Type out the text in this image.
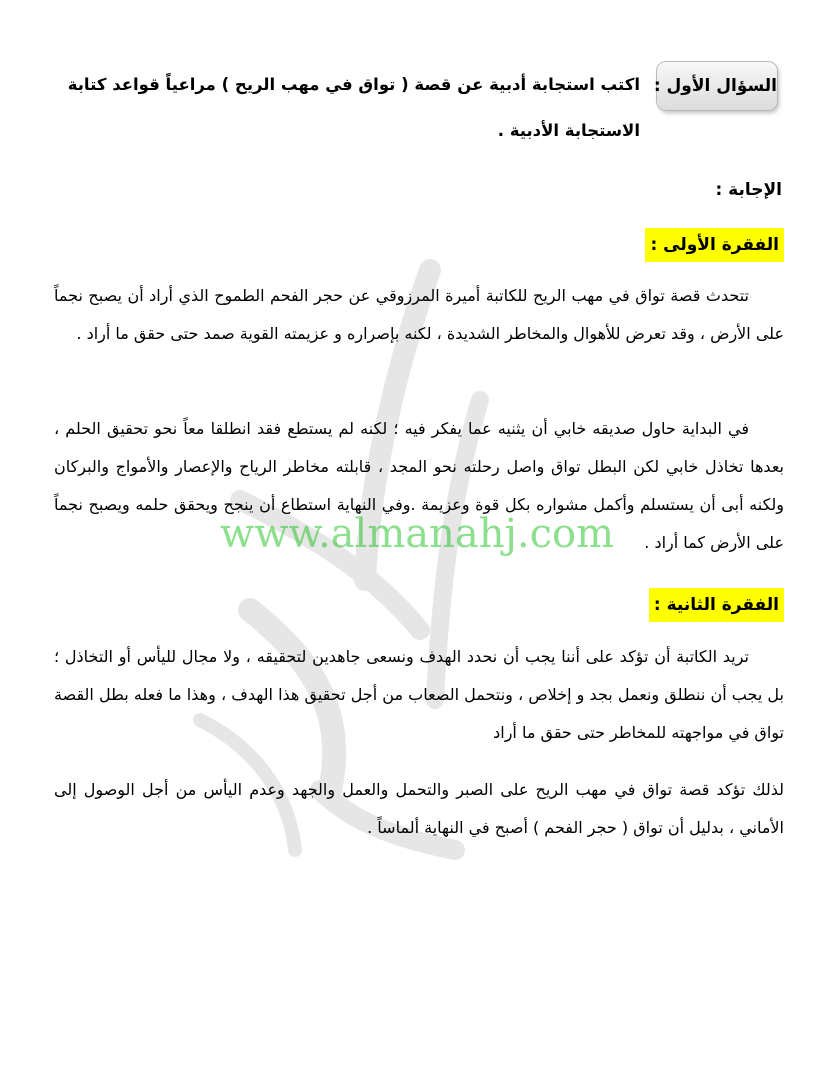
www.almanahj.com
السؤال الأول :
اكتب استجابة أدبية عن قصة ( تواق في مهب الريح ) مراعياً قواعد كتابة الاستجابة الأدبية .
الإجابة :
الفقرة الأولى :
تتحدث قصة تواق في مهب الريح للكاتبة أميرة المرزوقي عن حجر الفحم الطموح الذي أراد أن يصبح نجماً على الأرض ، وقد تعرض للأهوال والمخاطر الشديدة ، لكنه بإصراره و عزيمته القوية صمد حتى حقق ما أراد .
في البداية حاول صديقه خابي أن يثنيه عما يفكر فيه ؛ لكنه لم يستطع فقد انطلقا معاً نحو تحقيق الحلم ، بعدها تخاذل خابي لكن البطل تواق واصل رحلته نحو المجد ، قابلته مخاطر الرياح والإعصار والأمواج والبركان ولكنه أبى أن يستسلم وأكمل مشواره بكل قوة وعزيمة .وفي النهاية استطاع أن ينجح ويحقق حلمه ويصبح نجماً على الأرض كما أراد .
الفقرة الثانية :
تريد الكاتبة أن تؤكد على أننا يجب أن نحدد الهدف ونسعى جاهدين لتحقيقه ، ولا مجال لليأس أو التخاذل ؛ بل يجب أن ننطلق ونعمل بجد و إخلاص ، ونتحمل الصعاب من أجل تحقيق هذا الهدف ، وهذا ما فعله بطل القصة تواق في مواجهته للمخاطر حتى حقق ما أراد
لذلك تؤكد قصة تواق في مهب الريح على الصبر والتحمل والعمل والجهد وعدم اليأس من أجل الوصول إلى الأماني ، بدليل أن تواق ( حجر الفحم ) أصبح في النهاية ألماساً .
